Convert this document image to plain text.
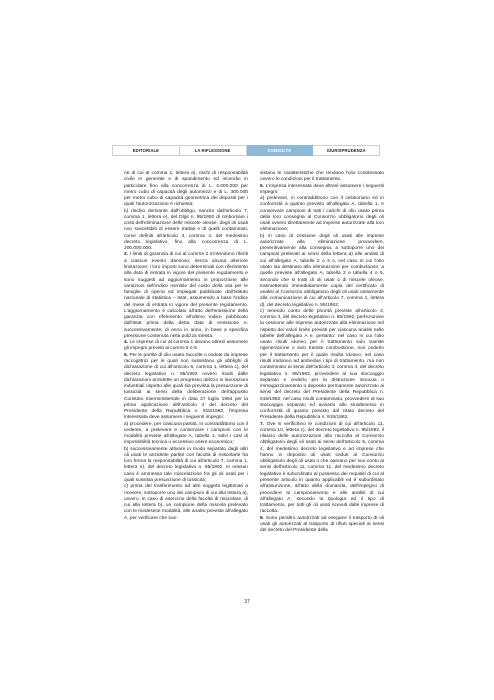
EDITORIALE	LA RIFLESSIONE	CONSULTA	GIURISPRUDENZA
ne di cui al comma 1, lettera a), rischi di responsabilità civile in generale e di spandimento ed incendio in particolare fino alla concorrenza di L. 4.000.000 per metro cubo di capacità degli automezzi e di L. 300.000 per metro cubo di capacità geometrica dei depositi per i quali l'autorizzazione è richiesta;
b) rischio derivante dall'obbligo, sancito dall'articolo 7, comma 1, lettera e), del Dlgs n. 95/1992 di rimborsare i costi dell'eliminazione delle miscele oleose, degli oli usati non suscettibili di essere trattati e di quelli contaminati, come definiti all'articolo 3, comma 4, del medesimo decreto legislativo, fino alla concorrenza di L. 200.000.000.
3. I limiti di garanzia di cui al comma 2 s'intendono riferiti a ciascun evento dannoso, senza alcuna ulteriore limitazione; i loro importi sono determinati con riferimento alla data di entrata in vigore del presente regolamento e sono soggetti ad aggiornamento in proporzione alle variazioni dell'indice mensile del costo della vita per le famiglie di operai ed impiegati pubblicate dall'Istituto nazionale di statistica – Istat, assumendo a base l'indice del mese di entrata in vigore del presente regolamento. L'aggiornamento è calcolato all'atto dell'emissione della garanzia con riferimento all'ultimo indice pubblicato dall'Istat prima della detta data di emissione e, successivamente, di anno in anno, in base a specifica previsione contenuta nella polizza stessa.
4. Le imprese di cui al comma 1 devono altresì assumere gli impegni previsti ai commi 5 e 6.
5. Per le partite di olio usato raccolte o cedute da imprese raccoglitrici per le quali non sussistano gli obblighi di dichiarazione di cui all'articolo 6, comma 1, lettera c), del decreto legislativo n. 95/1992 ovvero risulti dalle dichiarazioni anzidette un pregresso utilizzo in lavorazioni industriali rispetto alle quali sia prevista la presunzione di tossicità ai sensi della deliberazione dell'apposito Comitato interministeriale in data 27 luglio 1984 per la prima applicazione dell'articolo 4 del decreto del Presidente della Repubblica n. 915/1982, l'impresa interessata deve assumere i seguenti impegni:
a) procedere, per ciascuna partita, in contraddittorio con il cedente, a prelevare e conservare i campioni con le modalità previste all'allegato A, tabella 1, salvi i casi di impossibilità tecnica o eccessivo onere economico;
b) successivamente attivare in modo separato dagli altri oli usati le anzidette partite con facoltà di miscelarle fra loro ferma la responsabilità di cui all'articolo 7, comma 1, lettera e), del decreto legislativo n. 95/1992. In nessun caso è ammessa tale miscelazione fra gli oli usati per i quali sussista presunzione di tossicità;
c) prima del trasferimento ad altri soggetti legittimati a ricevere, sottoporre uno dei campioni di cui alla lettera a), ovvero, in caso di esercizio della facoltà di miscelare, di cui alla lettera b), un campione della miscela prelevato con le medesime modalità, alle analisi previste all'allegato A, per verificare che sus-
sistano le caratteristiche che rendono l'olio contaminato ovvero le condizioni per il trattamento.
6. L'impresa interessata deve altresì assumere i seguenti impegni:
a) prelevare, in contraddittorio con il cessionario ed in conformità a quanto previsto all'allegato A, tabella 1, e conservare campioni di tutti i carichi di olio usato prima della loro consegna al Consorzio obbligatorio degli oli usati ovvero direttamente ad imprese autorizzate alla loro eliminazione;
b) in caso di cessione degli oli usati alle imprese autorizzate alla eliminazione provvedere, preventivamente alla consegna, a sottoporre uno dei campioni prelevati ai sensi della lettera a) alle analisi di cui all'allegato A, tabelle 2 o 3 o, nel caso in cui l'olio usato sia destinato alla eliminazione per combustione, a quelle previste all'allegato A, tabella 2 e tabella 4 o 5, secondo che si tratti di oli usati o di miscele oleose, trasmettendo immediatamente copia del certificato di analisi al Consorzio obbligatorio degli oli usati unitamente alla comunicazione di cui all'articolo 7, comma 1, lettera d), del decreto legislativo n. 95/1992;
c) tenendo conto delle priorità previste all'articolo 3, comma 3, del decreto legislativo n. 95/1992, perfezionare la cessione alle imprese autorizzate alla eliminazione nel rispetto dei valori limite previsti per ciascuna analisi nelle tabelle dell'allegato A e, pertanto: nel caso in cui l'olio usato risulti idoneo per il trattamento solo tramite rigenerazione o solo tramite combustione, non cederlo per il trattamento per il quale risulta idoneo; nel caso risulti inidoneo ad ambedue i tipi di trattamento, ma non contaminato ai sensi dell'articolo 3, comma 4, del decreto legislativo n. 95/1992, provvedere al suo stoccaggio separato e cederlo per la distruzione innocua o immagazzinamento o deposito permanente autorizzato ai sensi del decreto del Presidente della Repubblica n. 915/1982; nel caso risulti contaminato, provvedere al suo stoccaggio separato ed avviarlo allo smaltimento in conformità di quanto previsto dal citato decreto del Presidente della Repubblica n. 915/1982.
7. Ove si verifichino le condizioni di cui all'articolo 11, comma 10, lettera c), del decreto legislativo n. 95/1992, il rilascio delle autorizzazioni alla raccolta al Consorzio obbligatorio degli oli usati ai sensi dell'articolo 5, comma 4, del medesimo decreto legislativo e ad imprese che hanno in deposito oli usati ceduti al Consorzio obbligatorio degli oli usati o che operano per suo conto ai sensi dell'articolo 11, comma 11, del medesimo decreto legislativo è subordinato al possesso dei requisiti di cui al presente articolo in quanto applicabili ed è subordinato all'assunzione, all'atto della domanda, dell'impegno di procedere al campionamento e alle analisi di cui all'allegato A, secondo la tipologia ed il tipo di trattamento, per tutti gli oli usati ricevuti dalle imprese di raccolta.
8. Sono peraltro autorizzati ad eseguire il trasporto di oli usati gli autorizzati al trasporto di rifiuti speciali ai sensi del decreto del Presidente della
37
